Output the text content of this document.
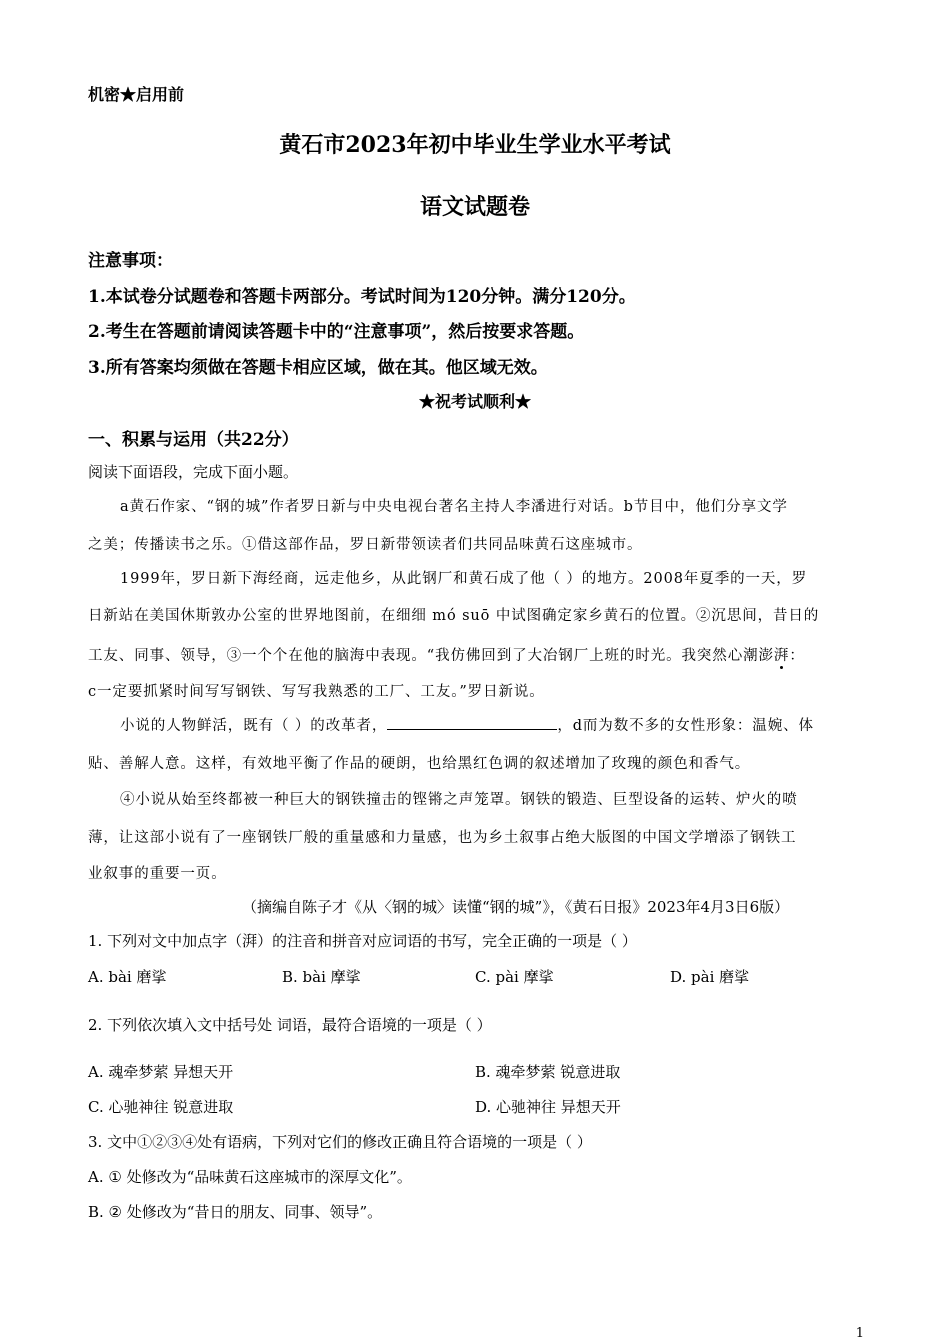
机密★启用前
黄石市2023年初中毕业生学业水平考试
语文试题卷
注意事项：
1.本试卷分试题卷和答题卡两部分。考试时间为120分钟。满分120分。
2.考生在答题前请阅读答题卡中的“注意事项”，然后按要求答题。
3.所有答案均须做在答题卡相应区域，做在其。他区域无效。
★祝考试顺利★
一、积累与运用（共22分）
阅读下面语段，完成下面小题。
a黄石作家、“钢的城”作者罗日新与中央电视台著名主持人李潘进行对话。b节目中，他们分享文学
之美；传播读书之乐。①借这部作品，罗日新带领读者们共同品味黄石这座城市。
1999年，罗日新下海经商，远走他乡，从此钢厂和黄石成了他（ ）的地方。2008年夏季的一天，罗
日新站在美国休斯敦办公室的世界地图前，在细细 mó suō 中试图确定家乡黄石的位置。②沉思间，昔日的
工友、同事、领导，③一个个在他的脑海中表现。“我仿佛回到了大冶钢厂上班的时光。我突然心潮澎湃：
c一定要抓紧时间写写钢铁、写写我熟悉的工厂、工友。”罗日新说。
小说的人物鲜活，既有（ ）的改革者，	，d而为数不多的女性形象：温婉、体
贴、善解人意。这样，有效地平衡了作品的硬朗，也给黑红色调的叙述增加了玫瑰的颜色和香气。
④小说从始至终都被一种巨大的钢铁撞击的铿锵之声笼罩。钢铁的锻造、巨型设备的运转、炉火的喷
薄，让这部小说有了一座钢铁厂般的重量感和力量感，也为乡土叙事占绝大版图的中国文学增添了钢铁工
业叙事的重要一页。
（摘编自陈子才《从〈钢的城〉读懂“钢的城”》，《黄石日报》2023年4月3日6版）
1. 下列对文中加点字（湃）的注音和拼音对应词语的书写，完全正确的一项是（ ）
A. bài 磨挲	B. bài 摩挲	C. pài 摩挲	D. pài 磨挲
2. 下列依次填入文中括号处 词语，最符合语境的一项是（ ）
A. 魂牵梦萦 异想天开	B. 魂牵梦萦 锐意进取
C. 心驰神往 锐意进取	D. 心驰神往 异想天开
3. 文中①②③④处有语病，下列对它们的修改正确且符合语境的一项是（ ）
A. ① 处修改为“品味黄石这座城市的深厚文化”。
B. ② 处修改为“昔日的朋友、同事、领导”。
1
